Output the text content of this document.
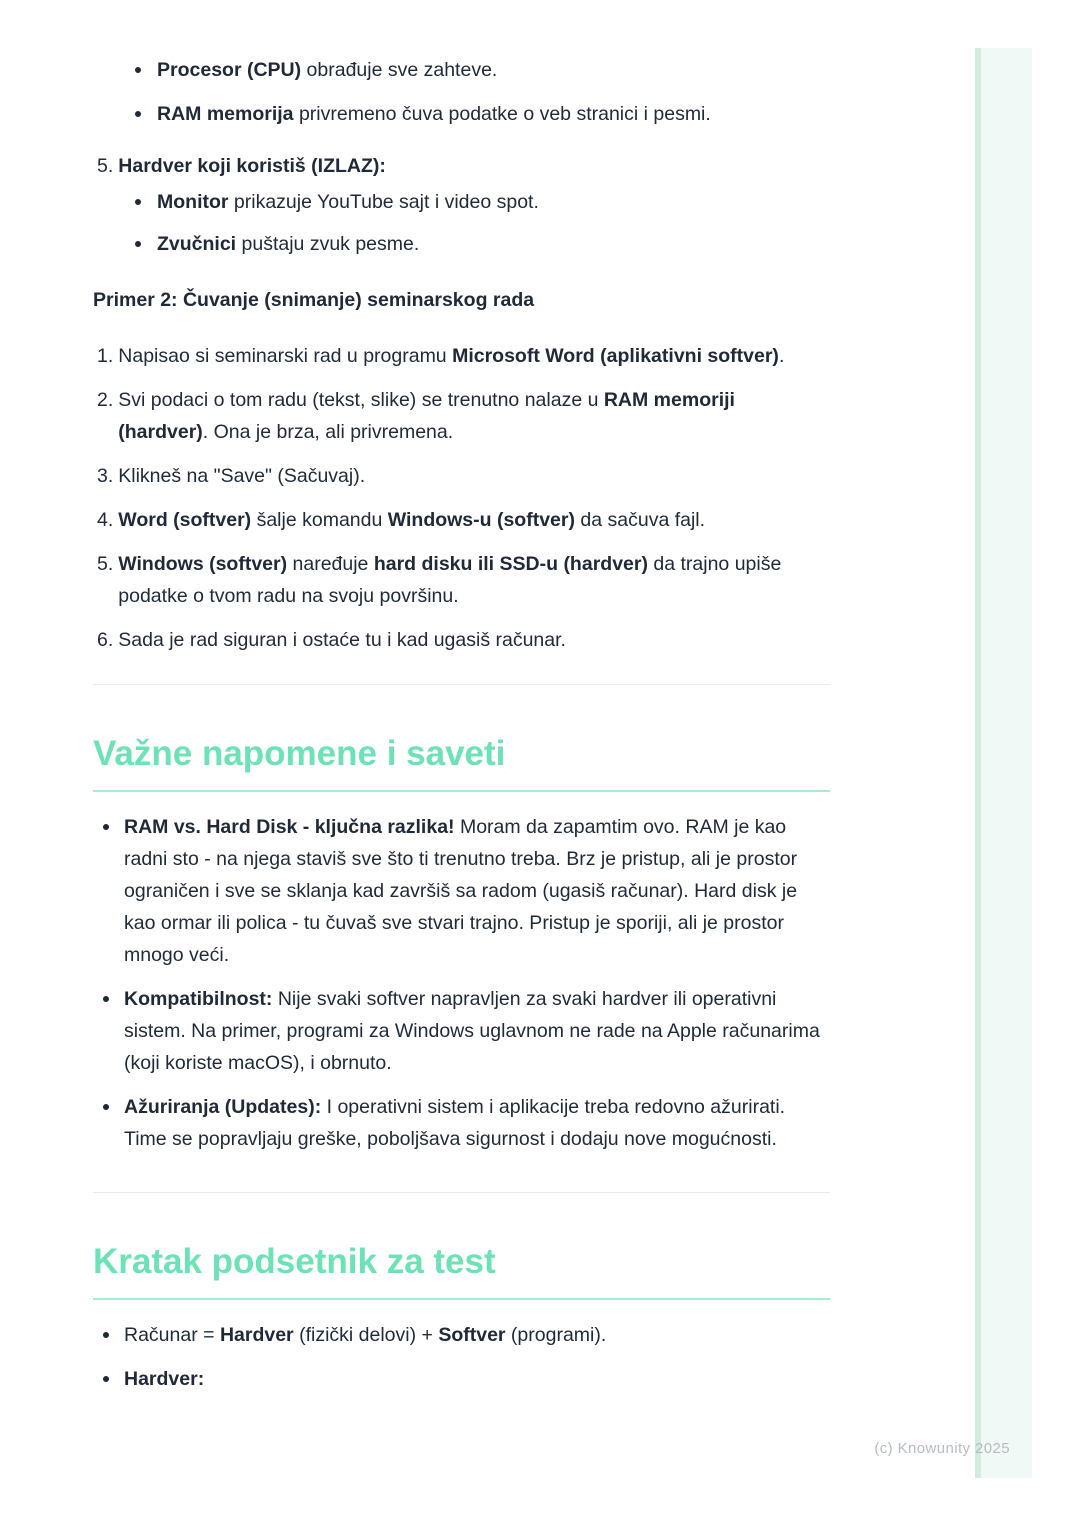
Procesor (CPU) obrađuje sve zahteve.
RAM memorija privremeno čuva podatke o veb stranici i pesmi.
5. Hardver koji koristiš (IZLAZ):
Monitor prikazuje YouTube sajt i video spot.
Zvučnici puštaju zvuk pesme.

Primer 2: Čuvanje (snimanje) seminarskog rada

1. Napisao si seminarski rad u programu Microsoft Word (aplikativni softver).
2. Svi podaci o tom radu (tekst, slike) se trenutno nalaze u RAM memoriji (hardver). Ona je brza, ali privremena.
3. Klikneš na "Save" (Sačuvaj).
4. Word (softver) šalje komandu Windows-u (softver) da sačuva fajl.
5. Windows (softver) naređuje hard disku ili SSD-u (hardver) da trajno upiše podatke o tvom radu na svoju površinu.
6. Sada je rad siguran i ostaće tu i kad ugasiš računar.
Važne napomene i saveti
RAM vs. Hard Disk - ključna razlika! Moram da zapamtim ovo. RAM je kao radni sto - na njega staviš sve što ti trenutno treba. Brz je pristup, ali je prostor ograničen i sve se sklanja kad završiš sa radom (ugasiš računar). Hard disk je kao ormar ili polica - tu čuvaš sve stvari trajno. Pristup je sporiji, ali je prostor mnogo veći.
Kompatibilnost: Nije svaki softver napravljen za svaki hardver ili operativni sistem. Na primer, programi za Windows uglavnom ne rade na Apple računarima (koji koriste macOS), i obrnuto.
Ažuriranja (Updates): I operativni sistem i aplikacije treba redovno ažurirati. Time se popravljaju greške, poboljšava sigurnost i dodaju nove mogućnosti.
Kratak podsetnik za test
Računar = Hardver (fizički delovi) + Softver (programi).
Hardver:
(c) Knowunity 2025
